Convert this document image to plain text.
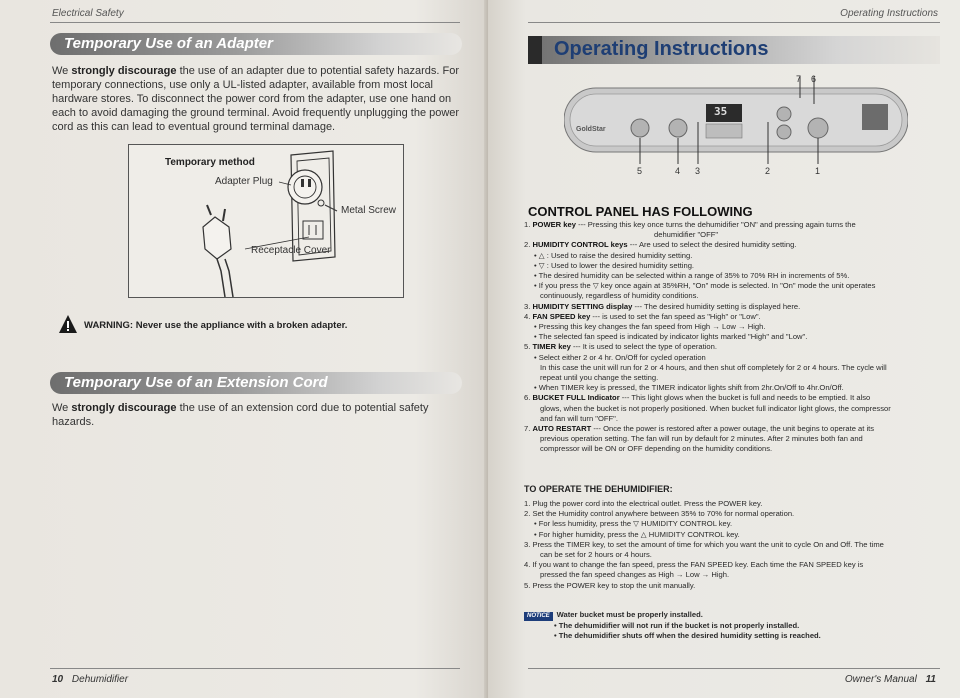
Electrical Safety
Temporary Use of an Adapter
We strongly discourage the use of an adapter due to potential safety hazards. For temporary connections, use only a UL-listed adapter, available from most local hardware stores. To disconnect the power cord from the adapter, use one hand on each to avoid damaging the ground terminal. Avoid frequently unplugging the power cord as this can lead to eventual ground terminal damage.
Temporary method
Adapter Plug
Metal Screw
Receptacle Cover
WARNING: Never use the appliance with a broken adapter.
Temporary Use of an Extension Cord
We strongly discourage the use of an extension cord due to potential safety hazards.
10 Dehumidifier
Operating Instructions
Operating Instructions
GoldStar
35
7 6
5	4 3	2	1
CONTROL PANEL HAS FOLLOWING

1. POWER key --- Pressing this key once turns the dehumidifier "ON" and pressing again turns the

dehumidifier "OFF"

2. HUMIDITY CONTROL keys --- Are used to select the desired humidity setting.

• △ : Used to raise the desired humidity setting.

• ▽ : Used to lower the desired humidity setting.

• The desired humidity can be selected within a range of 35% to 70% RH in increments of 5%.

• If you press the ▽ key once again at 35%RH, "On" mode is selected. In "On" mode the unit operates

continuously, regardless of humidity conditions.

3. HUMIDITY SETTING display --- The desired humidity setting is displayed here.

4. FAN SPEED key --- is used to set the fan speed as "High" or "Low".

• Pressing this key changes the fan speed from High → Low → High.

• The selected fan speed is indicated by indicator lights marked "High" and "Low".

5. TIMER key --- It is used to select the type of operation.

• Select either 2 or 4 hr. On/Off for cycled operation

In this case the unit will run for 2 or 4 hours, and then shut off completely for 2 or 4 hours. The cycle will

repeat until you change the setting.

• When TIMER key is pressed, the TIMER indicator lights shift from 2hr.On/Off to 4hr.On/Off.

6. BUCKET FULL Indicator --- This light glows when the bucket is full and needs to be emptied. It also

glows, when the bucket is not properly positioned. When bucket full indicator light glows, the compressor

and fan will turn "OFF".

7. AUTO RESTART --- Once the power is restored after a power outage, the unit begins to operate at its

previous operation setting. The fan will run by default for 2 minutes. After 2 minutes both fan and

compressor will be ON or OFF depending on the humidity conditions.

TO OPERATE THE DEHUMIDIFIER:

1. Plug the power cord into the electrical outlet. Press the POWER key.

2. Set the Humidity control anywhere between 35% to 70% for normal operation.

• For less humidity, press the ▽ HUMIDITY CONTROL key.

• For higher humidity, press the △ HUMIDITY CONTROL key.

3. Press the TIMER key, to set the amount of time for which you want the unit to cycle On and Off. The time

can be set for 2 hours or 4 hours.

4. If you want to change the fan speed, press the FAN SPEED key. Each time the FAN SPEED key is

pressed the fan speed changes as High → Low → High.

5. Press the POWER key to stop the unit manually.

NOTICE Water bucket must be properly installed.

• The dehumidifier will not run if the bucket is not properly installed.

• The dehumidifier shuts off when the desired humidity setting is reached.

Owner's Manual 11
